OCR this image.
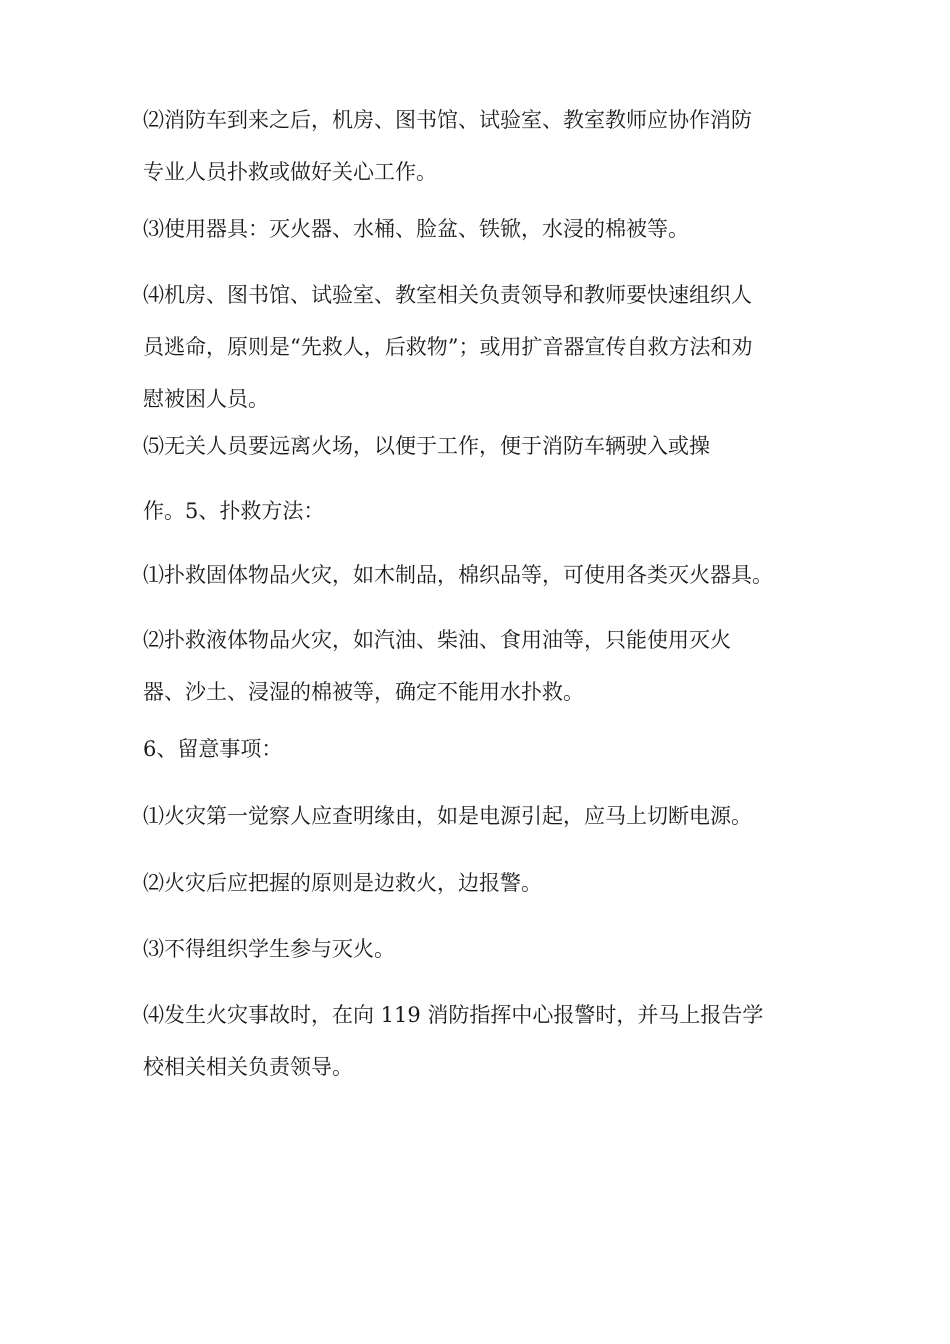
⑵消防车到来之后，机房、图书馆、试验室、教室教师应协作消防
专业人员扑救或做好关心工作。

⑶使用器具：灭火器、水桶、脸盆、铁锨，水浸的棉被等。

⑷机房、图书馆、试验室、教室相关负责领导和教师要快速组织人
员逃命，原则是“先救人，后救物”；或用扩音器宣传自救方法和劝
慰被困人员。

⑸无关人员要远离火场，以便于工作，便于消防车辆驶入或操

作。5、扑救方法：

⑴扑救固体物品火灾，如木制品，棉织品等，可使用各类灭火器具。

⑵扑救液体物品火灾，如汽油、柴油、食用油等，只能使用灭火
器、沙土、浸湿的棉被等，确定不能用水扑救。

6、留意事项：

⑴火灾第一觉察人应查明缘由，如是电源引起，应马上切断电源。

⑵火灾后应把握的原则是边救火，边报警。

⑶不得组织学生参与灭火。

⑷发生火灾事故时，在向 119 消防指挥中心报警时，并马上报告学
校相关相关负责领导。
